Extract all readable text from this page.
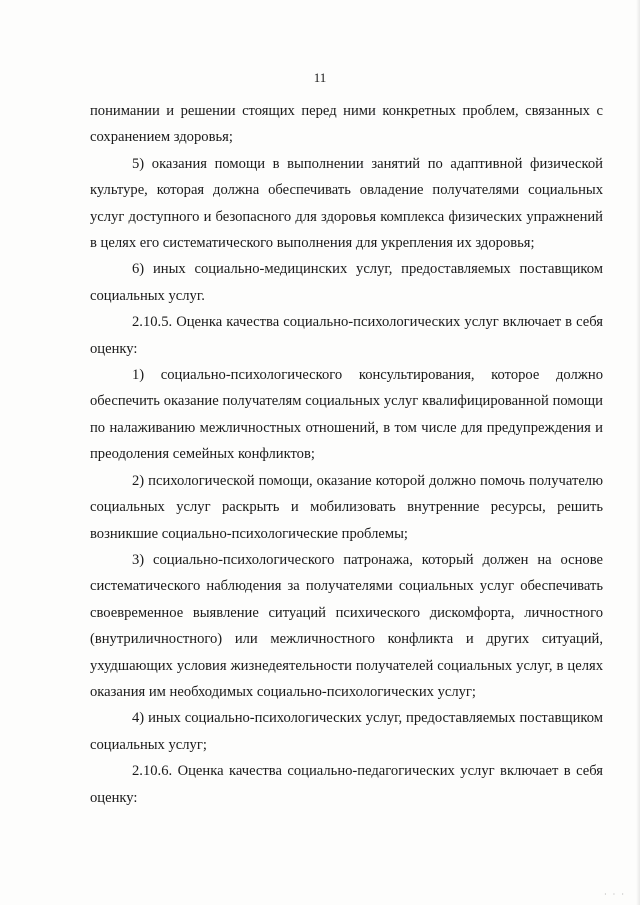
11

понимании и решении стоящих перед ними конкретных проблем, связанных с сохранением здоровья;

5) оказания помощи в выполнении занятий по адаптивной физической культуре, которая должна обеспечивать овладение получателями социальных услуг доступного и безопасного для здоровья комплекса физических упражнений в целях его систематического выполнения для укрепления их здоровья;

6) иных социально-медицинских услуг, предоставляемых поставщиком социальных услуг.

2.10.5. Оценка качества социально-психологических услуг включает в себя оценку:

1) социально-психологического консультирования, которое должно обеспечить оказание получателям социальных услуг квалифицированной помощи по налаживанию межличностных отношений, в том числе для предупреждения и преодоления семейных конфликтов;

2) психологической помощи, оказание которой должно помочь получателю социальных услуг раскрыть и мобилизовать внутренние ресурсы, решить возникшие социально-психологические проблемы;

3) социально-психологического патронажа, который должен на основе систематического наблюдения за получателями социальных услуг обеспечивать своевременное выявление ситуаций психического дискомфорта, личностного (внутриличностного) или межличностного конфликта и других ситуаций, ухудшающих условия жизнедеятельности получателей социальных услуг, в целях оказания им необходимых социально-психологических услуг;

4) иных социально-психологических услуг, предоставляемых поставщиком социальных услуг;

2.10.6. Оценка качества социально-педагогических услуг включает в себя оценку:

· · ·
